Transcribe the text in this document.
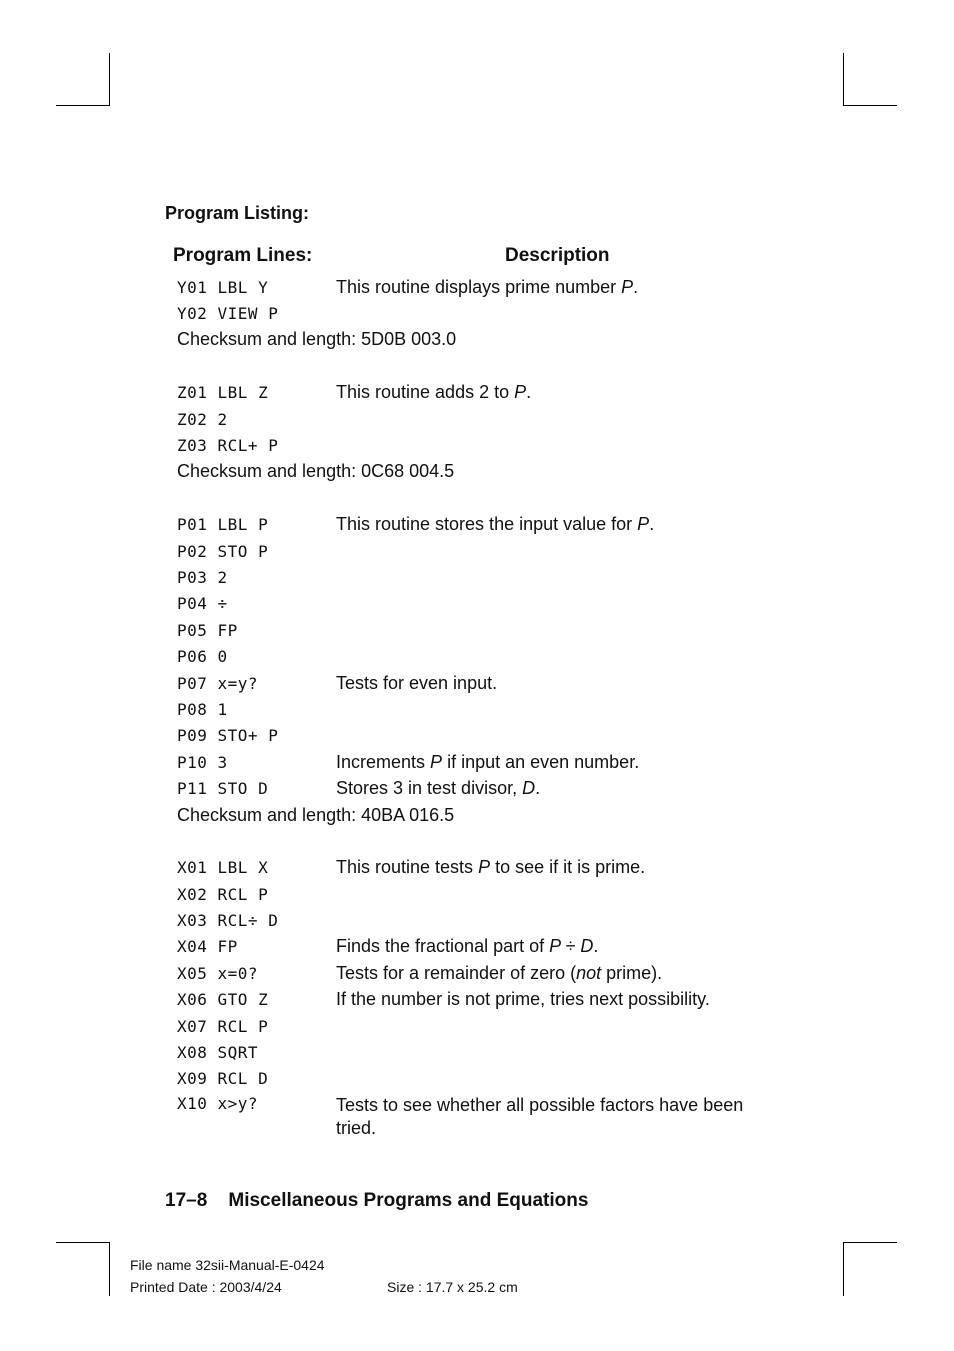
Program Listing:
Program Lines:	Description
Y01 LBL Y	This routine displays prime number P.
Y02 VIEW P
Checksum and length: 5D0B 003.0
Z01 LBL Z	This routine adds 2 to P.
Z02 2
Z03 RCL+ P
Checksum and length: 0C68 004.5
P01 LBL P	This routine stores the input value for P.
P02 STO P
P03 2
P04 ÷
P05 FP
P06 0
P07 x=y?	Tests for even input.
P08 1
P09 STO+ P
P10 3	Increments P if input an even number.
P11 STO D	Stores 3 in test divisor, D.
Checksum and length: 40BA 016.5
X01 LBL X	This routine tests P to see if it is prime.
X02 RCL P
X03 RCL÷ D
X04 FP	Finds the fractional part of P ÷ D.
X05 x=0?	Tests for a remainder of zero (not prime).
X06 GTO Z	If the number is not prime, tries next possibility.
X07 RCL P
X08 SQRT
X09 RCL D
X10 x>y?	Tests to see whether all possible factors have been tried.
17–8    Miscellaneous Programs and Equations
File name 32sii-Manual-E-0424
Printed Date : 2003/4/24	Size : 17.7 x 25.2 cm
